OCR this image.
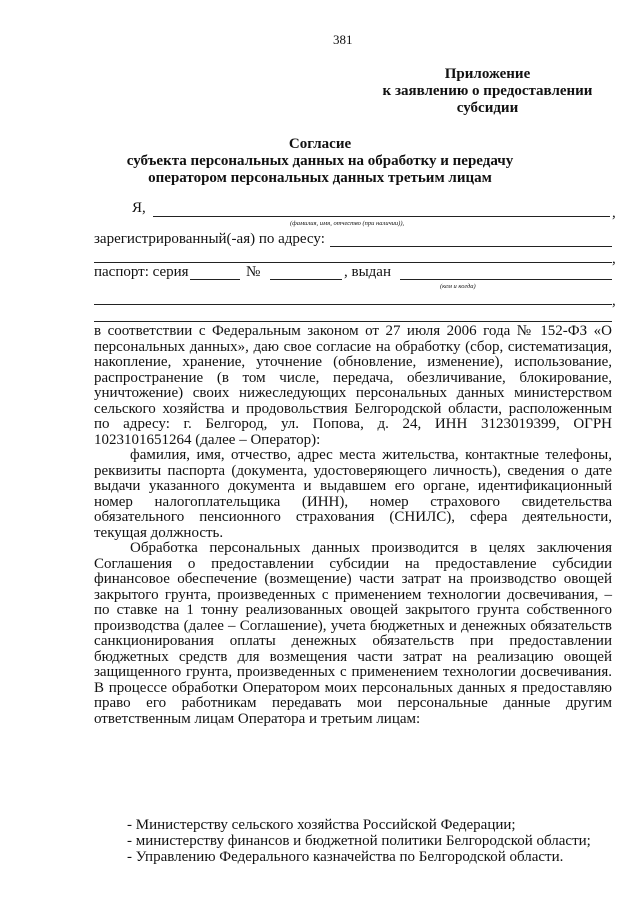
381
Приложение
к заявлению о предоставлении
субсидии
Согласие
субъекта персональных данных на обработку и передачу
оператором персональных данных третьим лицам
Я,	,
(фамилия, имя, отчество (при наличии)),
зарегистрированный(-ая) по адресу:
,
паспорт: серия	№	, выдан
(кем и когда)
,

в соответствии с Федеральным законом от 27 июля 2006 года № 152-ФЗ «О персональных данных», даю свое согласие на обработку (сбор, систематизация, накопление, хранение, уточнение (обновление, изменение), использование, распространение (в том числе, передача, обезличивание, блокирование, уничтожение) своих нижеследующих персональных данных министерством сельского хозяйства и продовольствия Белгородской области, расположенным по адресу: г. Белгород, ул. Попова, д. 24, ИНН 3123019399, ОГРН 1023101651264 (далее – Оператор):

фамилия, имя, отчество, адрес места жительства, контактные телефоны, реквизиты паспорта (документа, удостоверяющего личность), сведения о дате выдачи указанного документа и выдавшем его органе, идентификационный номер налогоплательщика (ИНН), номер страхового свидетельства обязательного пенсионного страхования (СНИЛС), сфера деятельности, текущая должность.

Обработка персональных данных производится в целях заключения Соглашения о предоставлении субсидии на предоставление субсидии финансовое обеспечение (возмещение) части затрат на производство овощей закрытого грунта, произведенных с применением технологии досвечивания, – по ставке на 1 тонну реализованных овощей закрытого грунта собственного производства (далее – Соглашение), учета бюджетных и денежных обязательств санкционирования оплаты денежных обязательств при предоставлении бюджетных средств для возмещения части затрат на реализацию овощей защищенного грунта, произведенных с применением технологии досвечивания. В процессе обработки Оператором моих персональных данных я предоставляю право его работникам передавать мои персональные данные другим ответственным лицам Оператора и третьим лицам:

- Министерству сельского хозяйства Российской Федерации;
- министерству финансов и бюджетной политики Белгородской области;
- Управлению Федерального казначейства по Белгородской области.
